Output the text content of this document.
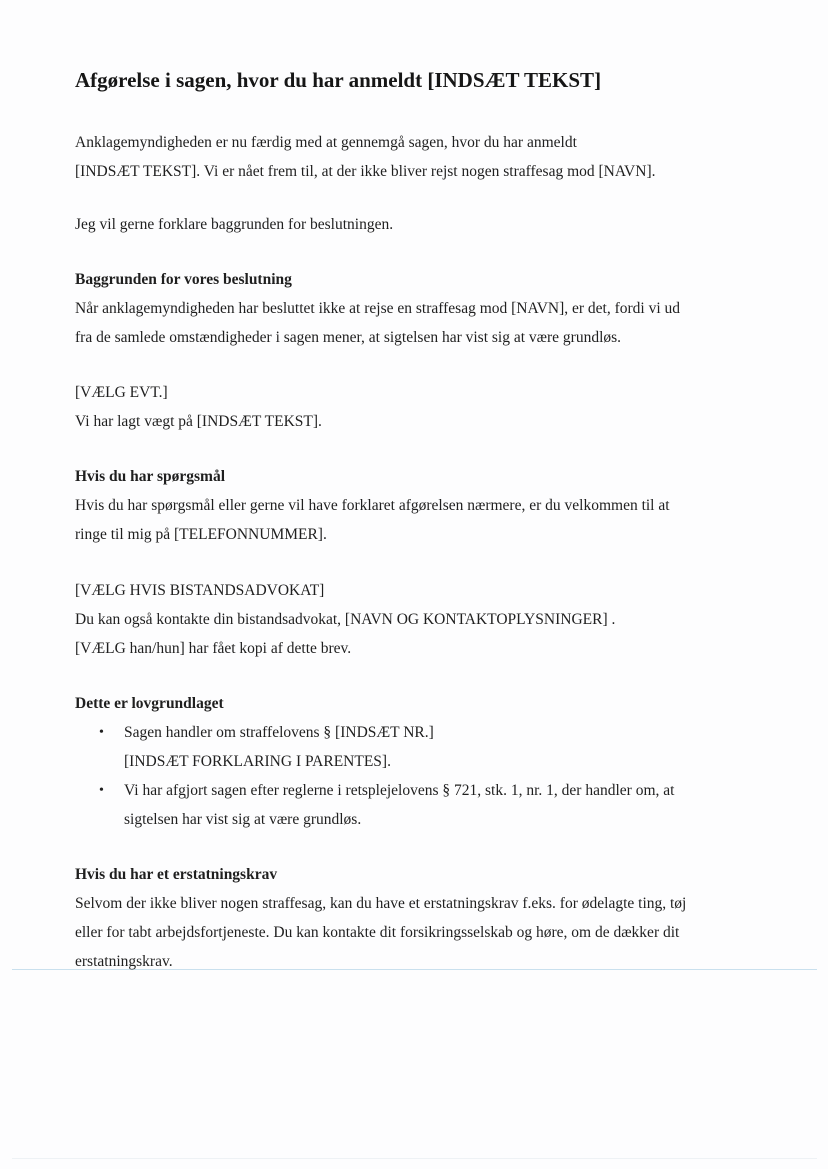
Afgørelse i sagen, hvor du har anmeldt [INDSÆT TEKST]

Anklagemyndigheden er nu færdig med at gennemgå sagen, hvor du har anmeldt
[INDSÆT TEKST]. Vi er nået frem til, at der ikke bliver rejst nogen straffesag mod [NAVN].

Jeg vil gerne forklare baggrunden for beslutningen.

Baggrunden for vores beslutning

Når anklagemyndigheden har besluttet ikke at rejse en straffesag mod [NAVN], er det, fordi vi ud
fra de samlede omstændigheder i sagen mener, at sigtelsen har vist sig at være grundløs.

[VÆLG EVT.]
Vi har lagt vægt på [INDSÆT TEKST].

Hvis du har spørgsmål

Hvis du har spørgsmål eller gerne vil have forklaret afgørelsen nærmere, er du velkommen til at
ringe til mig på [TELEFONNUMMER].

[VÆLG HVIS BISTANDSADVOKAT]
Du kan også kontakte din bistandsadvokat, [NAVN OG KONTAKTOPLYSNINGER] .
[VÆLG han/hun] har fået kopi af dette brev.

Dette er lovgrundlaget
• Sagen handler om straffelovens § [INDSÆT NR.]
[INDSÆT FORKLARING I PARENTES].
• Vi har afgjort sagen efter reglerne i retsplejelovens § 721, stk. 1, nr. 1, der handler om, at
sigtelsen har vist sig at være grundløs.
Hvis du har et erstatningskrav

Selvom der ikke bliver nogen straffesag, kan du have et erstatningskrav f.eks. for ødelagte ting, tøj
eller for tabt arbejdsfortjeneste. Du kan kontakte dit forsikringsselskab og høre, om de dækker dit
erstatningskrav.
